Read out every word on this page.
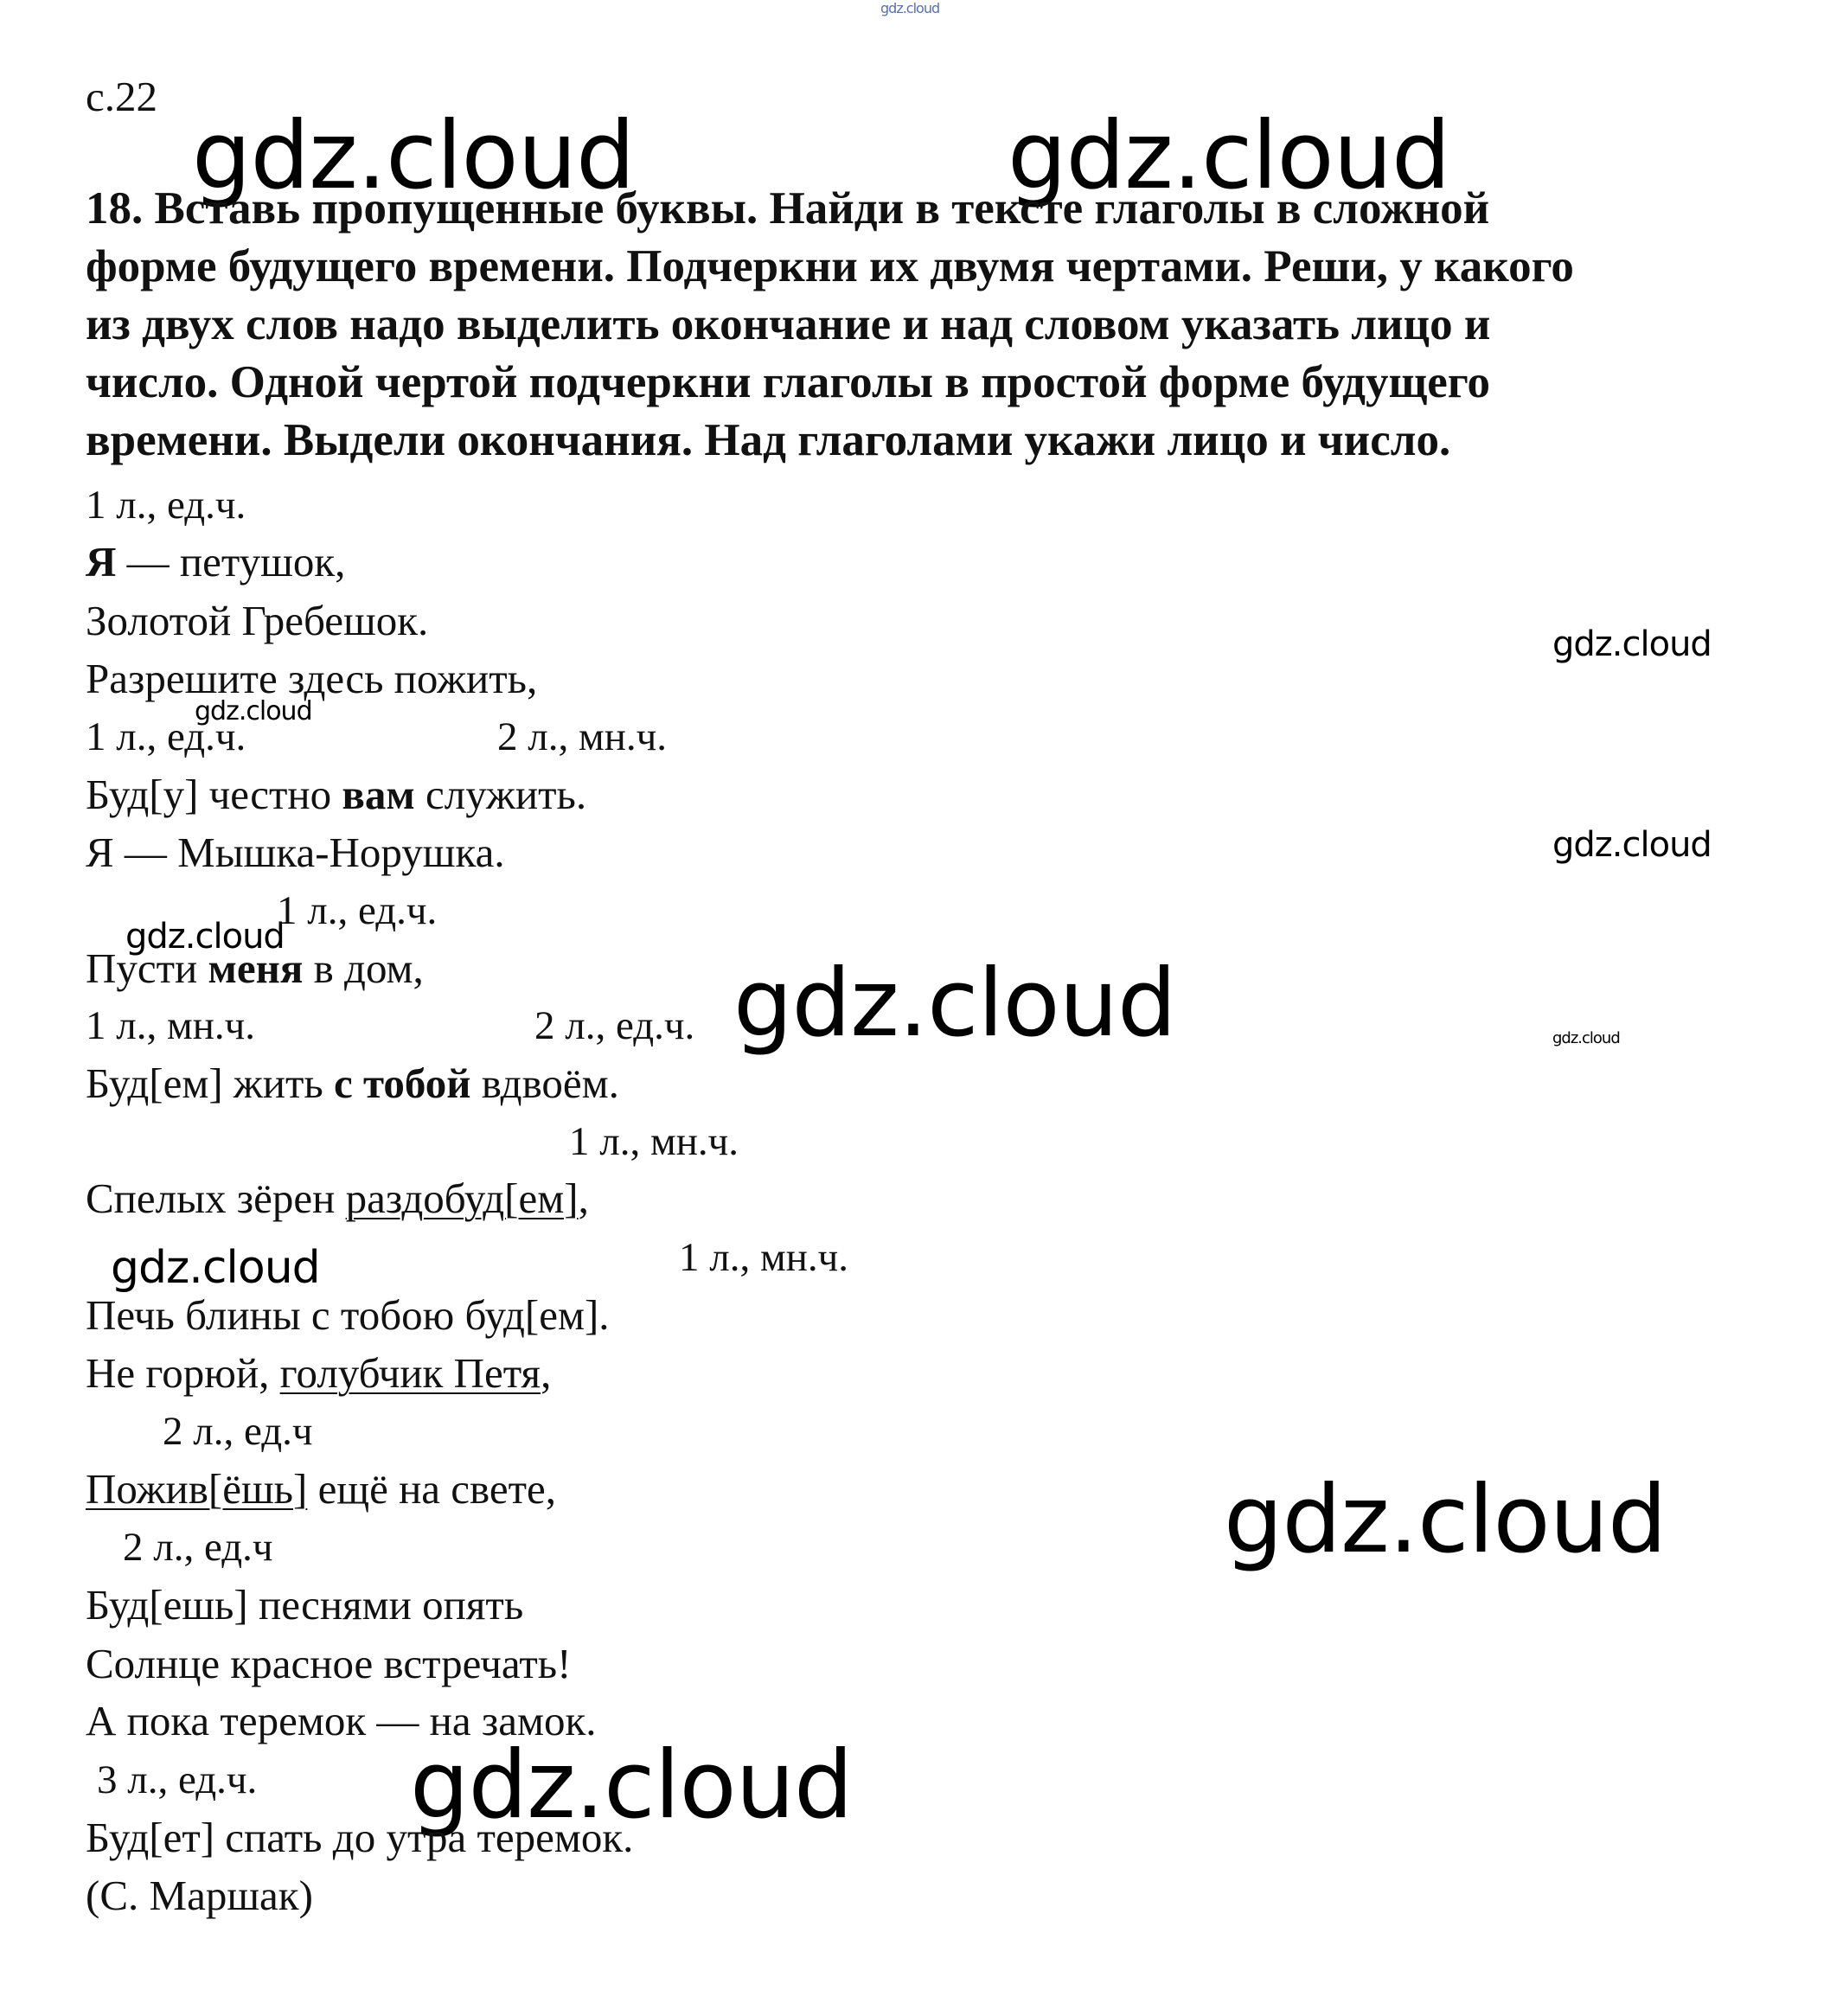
gdz.cloud
gdz.cloud	gdz.cloud
gdz.cloud
gdz.cloud
gdz.cloud
gdz.cloud
gdz.cloud	gdz.cloud
gdz.cloud
gdz.cloud
gdz.cloud
с.22
18. Вставь пропущенные буквы. Найди в тексте глаголы в сложной
форме будущего времени. Подчеркни их двумя чертами. Реши, у какого
из двух слов надо выделить окончание и над словом указать лицо и
число. Одной чертой подчеркни глаголы в простой форме будущего
времени. Выдели окончания. Над глаголами укажи лицо и число.
1 л., ед.ч.
Я — петушок,
Золотой Гребешок.
Разрешите здесь пожить,
1 л., ед.ч.	2 л., мн.ч.
Буд[у] честно вам служить.
Я — Мышка-Норушка.
1 л., ед.ч.
Пусти меня в дом,
1 л., мн.ч.	2 л., ед.ч.
Буд[ем] жить с тобой вдвоём.
1 л., мн.ч.
Спелых зёрен раздобуд[ем],
1 л., мн.ч.
Печь блины с тобою буд[ем].
Не горюй, голубчик Петя,
2 л., ед.ч
Пожив[ёшь] ещё на свете,
2 л., ед.ч
Буд[ешь] песнями опять
Солнце красное встречать!
А пока теремок — на замок.
3 л., ед.ч.
Буд[ет] спать до утра теремок.
(С. Маршак)
